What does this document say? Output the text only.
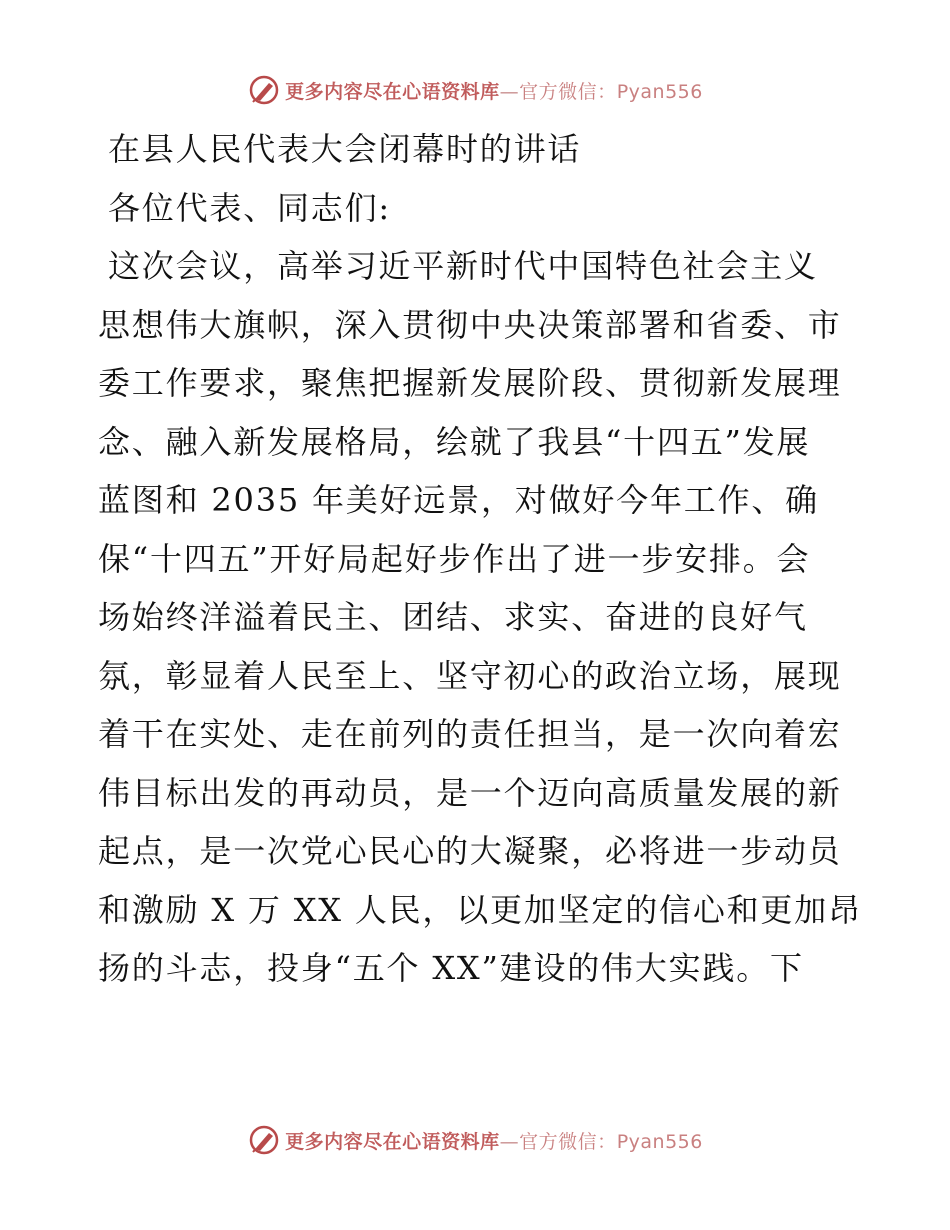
更多内容尽在心语资料库—官方微信：Pyan556
在县人民代表大会闭幕时的讲话
各位代表、同志们:
这次会议，高举习近平新时代中国特色社会主义
思想伟大旗帜，深入贯彻中央决策部署和省委、市
委工作要求，聚焦把握新发展阶段、贯彻新发展理
念、融入新发展格局，绘就了我县“十四五”发展
蓝图和 2035 年美好远景，对做好今年工作、确
保“十四五”开好局起好步作出了进一步安排。会
场始终洋溢着民主、团结、求实、奋进的良好气
氛，彰显着人民至上、坚守初心的政治立场，展现
着干在实处、走在前列的责任担当，是一次向着宏
伟目标出发的再动员，是一个迈向高质量发展的新
起点，是一次党心民心的大凝聚，必将进一步动员
和激励 X 万 XX 人民，以更加坚定的信心和更加昂
扬的斗志，投身“五个 XX”建设的伟大实践。下
更多内容尽在心语资料库—官方微信：Pyan556
